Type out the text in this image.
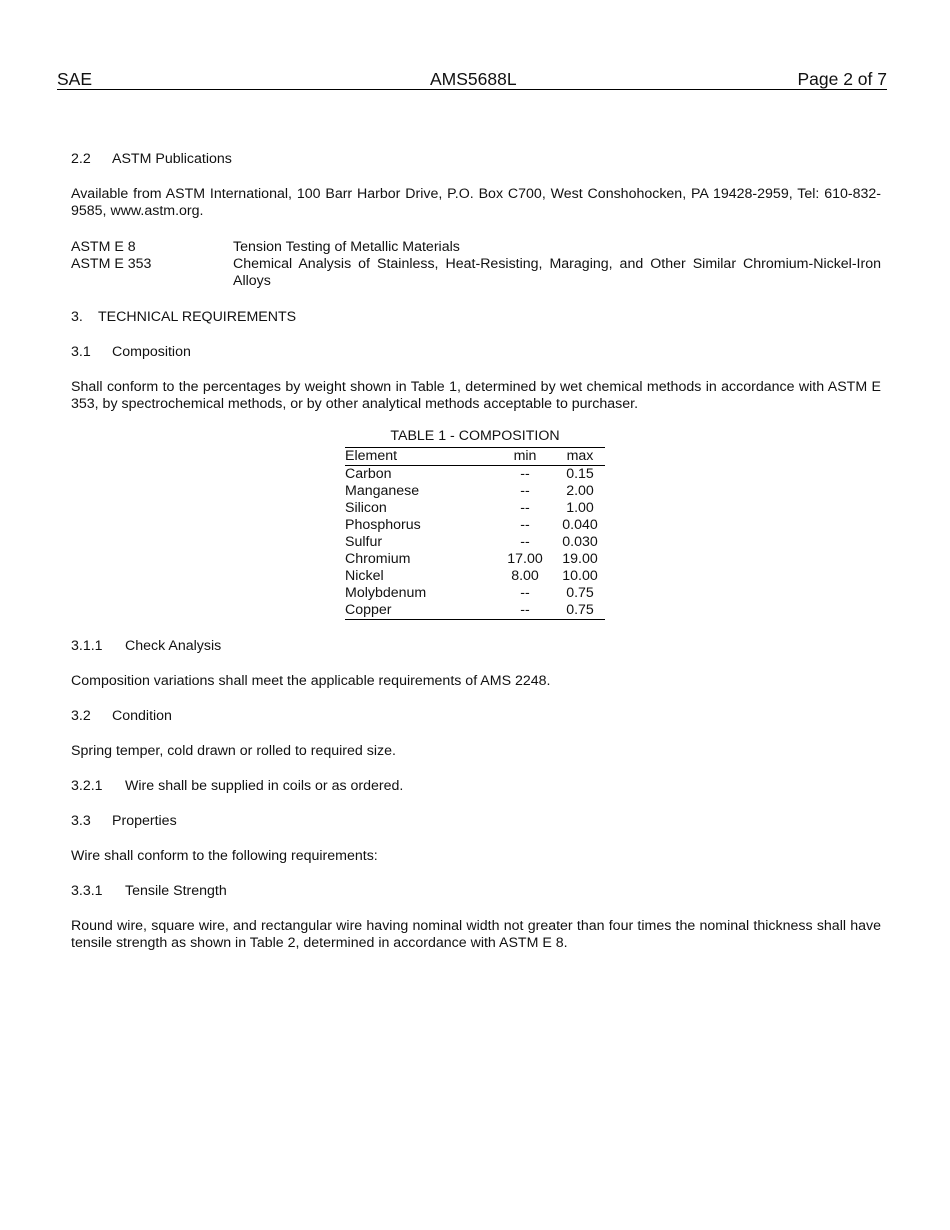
SAE	AMS5688L	Page 2 of 7

2.2 ASTM Publications

Available from ASTM International, 100 Barr Harbor Drive, P.O. Box C700, West Conshohocken, PA 19428-2959, Tel: 610-832-9585, www.astm.org.

ASTM E 8	Tension Testing of Metallic Materials
ASTM E 353	Chemical Analysis of Stainless, Heat-Resisting, Maraging, and Other Similar Chromium-Nickel-Iron Alloys

3. TECHNICAL REQUIREMENTS

3.1 Composition

Shall conform to the percentages by weight shown in Table 1, determined by wet chemical methods in accordance with ASTM E 353, by spectrochemical methods, or by other analytical methods acceptable to purchaser.

TABLE 1 - COMPOSITION
Element	min	max
Carbon	--	0.15
Manganese	--	2.00
Silicon	--	1.00
Phosphorus	--	0.040
Sulfur	--	0.030
Chromium	17.00	19.00
Nickel	8.00	10.00
Molybdenum	--	0.75
Copper	--	0.75

3.1.1 Check Analysis

Composition variations shall meet the applicable requirements of AMS 2248.

3.2 Condition

Spring temper, cold drawn or rolled to required size.

3.2.1 Wire shall be supplied in coils or as ordered.

3.3 Properties

Wire shall conform to the following requirements:

3.3.1 Tensile Strength

Round wire, square wire, and rectangular wire having nominal width not greater than four times the nominal thickness shall have tensile strength as shown in Table 2, determined in accordance with ASTM E 8.
